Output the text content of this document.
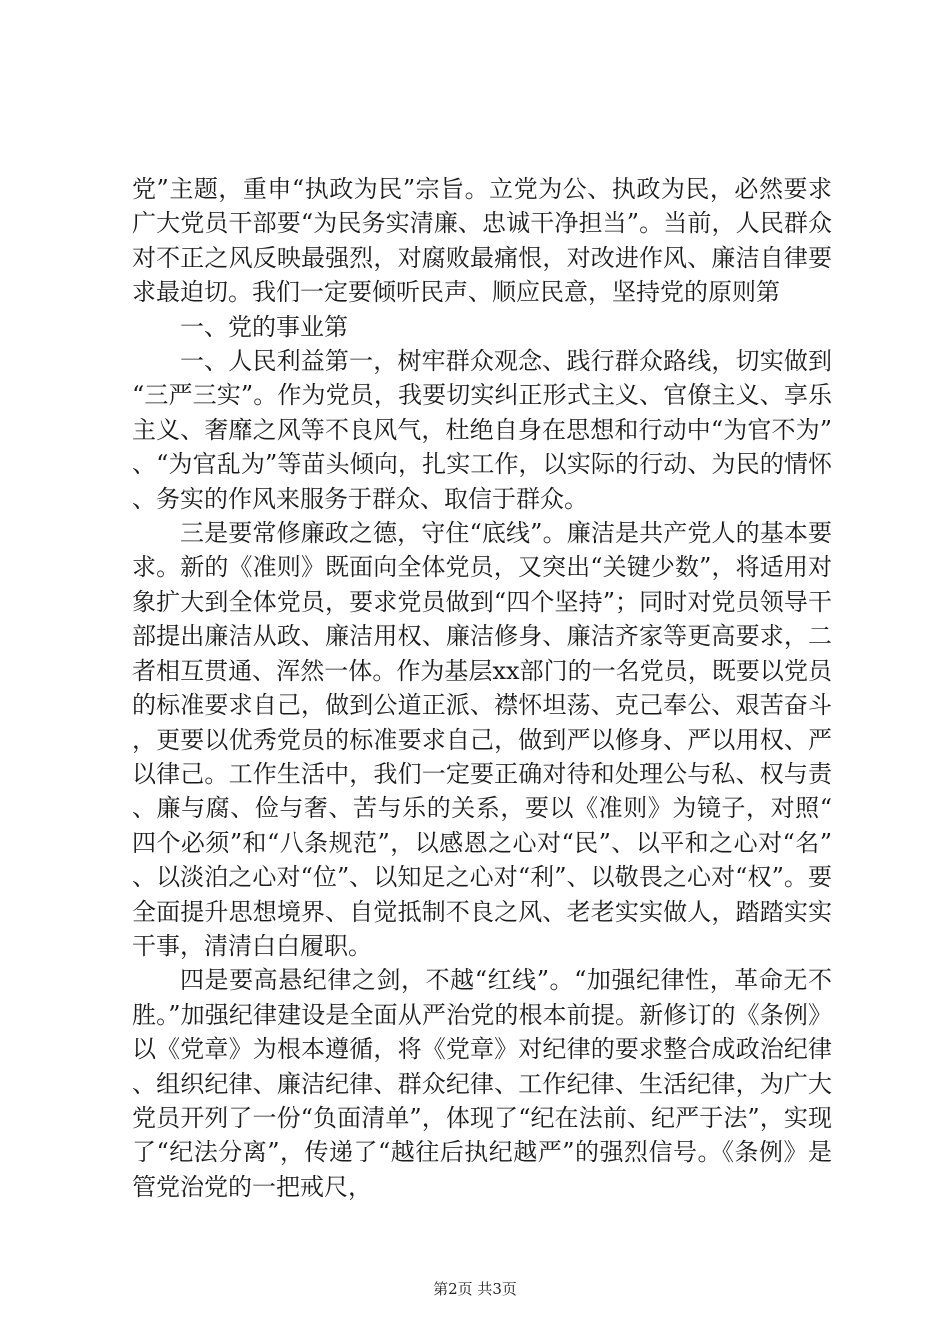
党”主题，重申“执政为民”宗旨。立党为公、执政为民，必然要求广大党员干部要“为民务实清廉、忠诚干净担当”。当前，人民群众对不正之风反映最强烈，对腐败最痛恨，对改进作风、廉洁自律要求最迫切。我们一定要倾听民声、顺应民意，坚持党的原则第

一、党的事业第

一、人民利益第一，树牢群众观念、践行群众路线，切实做到“三严三实”。作为党员，我要切实纠正形式主义、官僚主义、享乐主义、奢靡之风等不良风气，杜绝自身在思想和行动中“为官不为”、“为官乱为”等苗头倾向，扎实工作，以实际的行动、为民的情怀、务实的作风来服务于群众、取信于群众。

三是要常修廉政之德，守住“底线”。廉洁是共产党人的基本要求。新的《准则》既面向全体党员，又突出“关键少数”，将适用对象扩大到全体党员，要求党员做到“四个坚持”；同时对党员领导干部提出廉洁从政、廉洁用权、廉洁修身、廉洁齐家等更高要求，二者相互贯通、浑然一体。作为基层xx部门的一名党员，既要以党员的标准要求自己，做到公道正派、襟怀坦荡、克己奉公、艰苦奋斗，更要以优秀党员的标准要求自己，做到严以修身、严以用权、严以律己。工作生活中，我们一定要正确对待和处理公与私、权与责、廉与腐、俭与奢、苦与乐的关系，要以《准则》为镜子，对照“四个必须”和“八条规范”，以感恩之心对“民”、以平和之心对“名”、以淡泊之心对“位”、以知足之心对“利”、以敬畏之心对“权”。要全面提升思想境界、自觉抵制不良之风、老老实实做人，踏踏实实干事，清清白白履职。

四是要高悬纪律之剑，不越“红线”。“加强纪律性，革命无不胜。”加强纪律建设是全面从严治党的根本前提。新修订的《条例》以《党章》为根本遵循，将《党章》对纪律的要求整合成政治纪律、组织纪律、廉洁纪律、群众纪律、工作纪律、生活纪律，为广大党员开列了一份“负面清单”，体现了“纪在法前、纪严于法”，实现了“纪法分离”，传递了“越往后执纪越严”的强烈信号。《条例》是管党治党的一把戒尺，

第2页 共3页
